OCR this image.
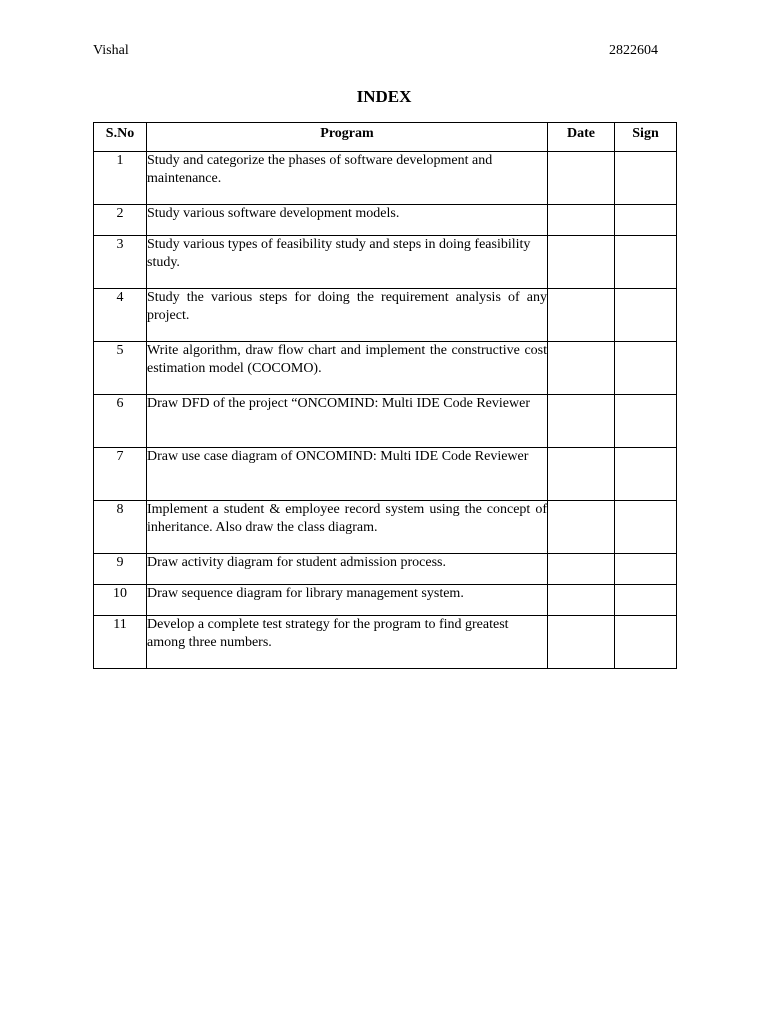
Vishal	2822604
INDEX
S.No	Program	Date	Sign
1	Study and categorize the phases of software development and maintenance.		
2	Study various software development models.		
3	Study various types of feasibility study and steps in doing feasibility study.		
4	Study the various steps for doing the requirement analysis of any project.		
5	Write algorithm, draw flow chart and implement the constructive cost estimation model (COCOMO).		
6	Draw DFD of the project “ONCOMIND: Multi IDE Code Reviewer		
7	Draw use case diagram of ONCOMIND: Multi IDE Code Reviewer		
8	Implement a student & employee record system using the concept of inheritance. Also draw the class diagram.		
9	Draw activity diagram for student admission process.		
10	Draw sequence diagram for library management system.		
11	Develop a complete test strategy for the program to find greatest among three numbers.		
